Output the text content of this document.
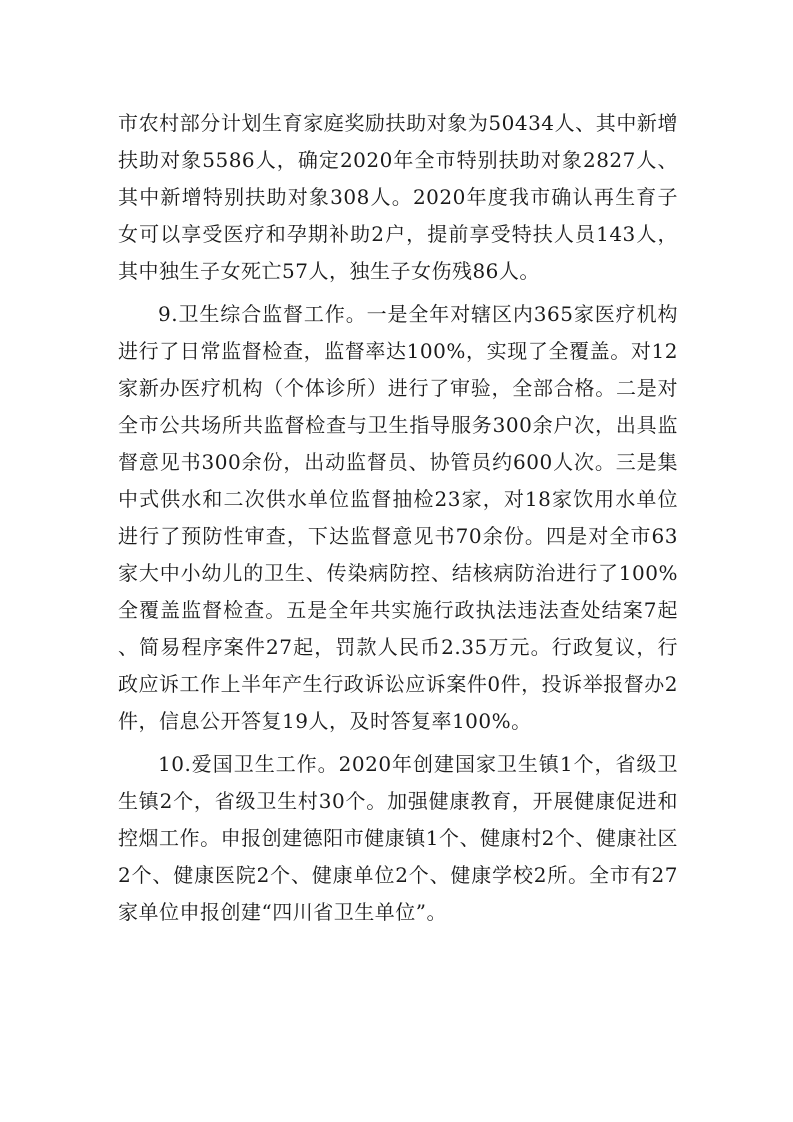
市农村部分计划生育家庭奖励扶助对象为50434人、其中新增扶助对象5586人，确定2020年全市特别扶助对象2827人、其中新增特别扶助对象308人。2020年度我市确认再生育子女可以享受医疗和孕期补助2户，提前享受特扶人员143人，其中独生子女死亡57人，独生子女伤残86人。

9.卫生综合监督工作。一是全年对辖区内365家医疗机构进行了日常监督检查，监督率达100%，实现了全覆盖。对12家新办医疗机构（个体诊所）进行了审验，全部合格。二是对全市公共场所共监督检查与卫生指导服务300余户次，出具监督意见书300余份，出动监督员、协管员约600人次。三是集中式供水和二次供水单位监督抽检23家，对18家饮用水单位进行了预防性审查，下达监督意见书70余份。四是对全市63家大中小幼儿的卫生、传染病防控、结核病防治进行了100%全覆盖监督检查。五是全年共实施行政执法违法查处结案7起、简易程序案件27起，罚款人民币2.35万元。行政复议，行政应诉工作上半年产生行政诉讼应诉案件0件，投诉举报督办2件，信息公开答复19人，及时答复率100%。

10.爱国卫生工作。2020年创建国家卫生镇1个，省级卫生镇2个，省级卫生村30个。加强健康教育，开展健康促进和控烟工作。申报创建德阳市健康镇1个、健康村2个、健康社区2个、健康医院2个、健康单位2个、健康学校2所。全市有27家单位申报创建“四川省卫生单位”。
